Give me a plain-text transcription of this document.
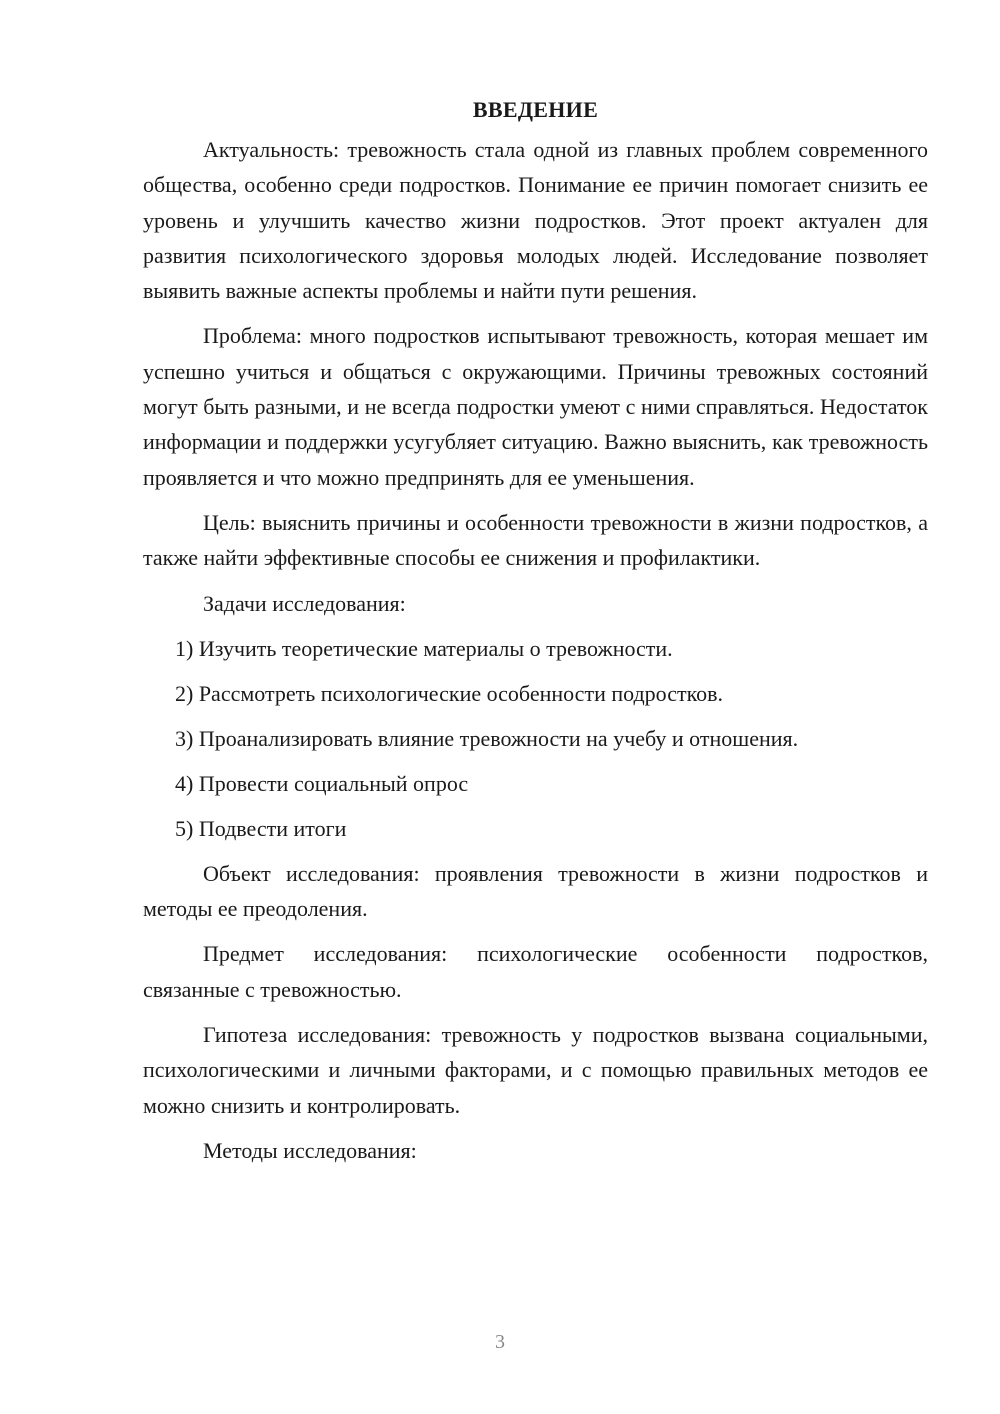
ВВЕДЕНИЕ

Актуальность: тревожность стала одной из главных проблем современного общества, особенно среди подростков. Понимание ее причин помогает снизить ее уровень и улучшить качество жизни подростков. Этот проект актуален для развития психологического здоровья молодых людей. Исследование позволяет выявить важные аспекты проблемы и найти пути решения.

Проблема: много подростков испытывают тревожность, которая мешает им успешно учиться и общаться с окружающими. Причины тревожных состояний могут быть разными, и не всегда подростки умеют с ними справляться. Недостаток информации и поддержки усугубляет ситуацию. Важно выяснить, как тревожность проявляется и что можно предпринять для ее уменьшения.

Цель: выяснить причины и особенности тревожности в жизни подростков, а также найти эффективные способы ее снижения и профилактики.

Задачи исследования:

1) Изучить теоретические материалы о тревожности.
2) Рассмотреть психологические особенности подростков.
3) Проанализировать влияние тревожности на учебу и отношения.
4) Провести социальный опрос
5) Подвести итоги

Объект исследования: проявления тревожности в жизни подростков и методы ее преодоления.

Предмет исследования: психологические особенности подростков, связанные с тревожностью.

Гипотеза исследования: тревожность у подростков вызвана социальными, психологическими и личными факторами, и с помощью правильных методов ее можно снизить и контролировать.

Методы исследования:

3
